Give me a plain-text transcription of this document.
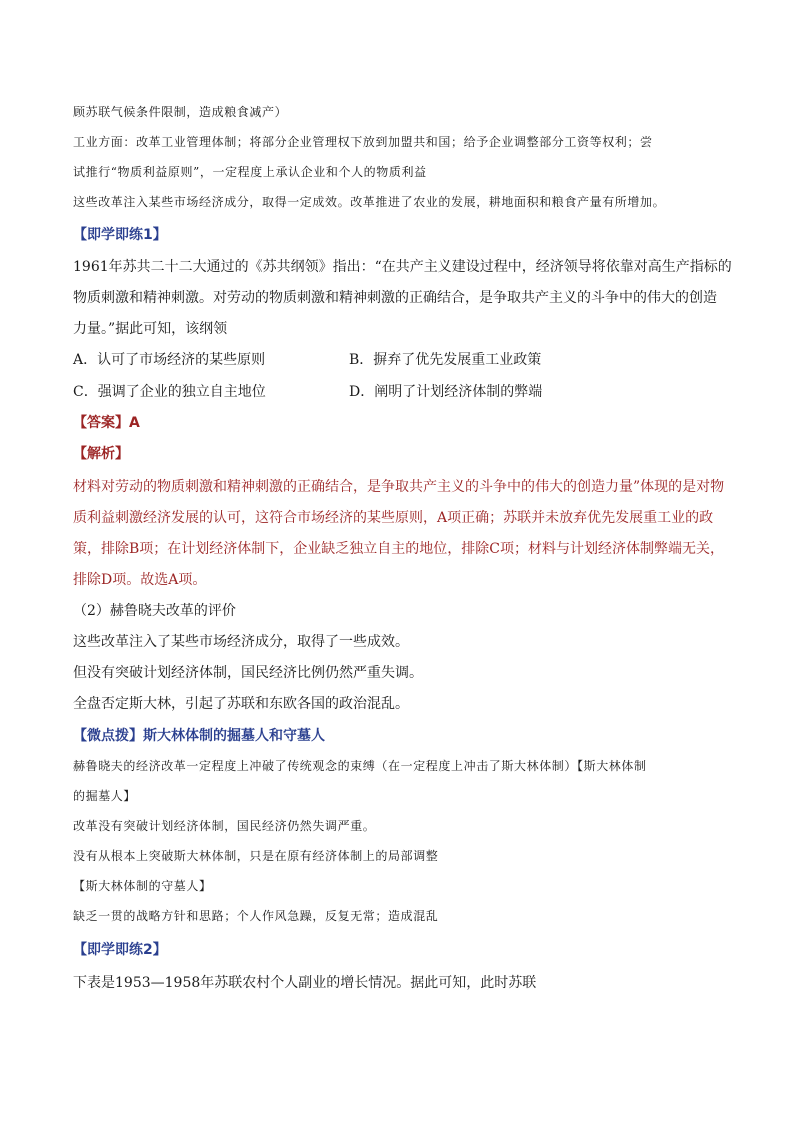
顾苏联气候条件限制，造成粮食减产）
工业方面：改革工业管理体制；将部分企业管理权下放到加盟共和国；给予企业调整部分工资等权利；尝
试推行“物质利益原则”，一定程度上承认企业和个人的物质利益
这些改革注入某些市场经济成分，取得一定成效。改革推进了农业的发展，耕地面积和粮食产量有所增加。
【即学即练1】
1961年苏共二十二大通过的《苏共纲领》指出：“在共产主义建设过程中，经济领导将依靠对高生产指标的
物质刺激和精神刺激。对劳动的物质刺激和精神刺激的正确结合，是争取共产主义的斗争中的伟大的创造
力量。”据此可知，该纲领
A．认可了市场经济的某些原则	B．摒弃了优先发展重工业政策
C．强调了企业的独立自主地位	D．阐明了计划经济体制的弊端
【答案】A
【解析】
材料对劳动的物质刺激和精神刺激的正确结合，是争取共产主义的斗争中的伟大的创造力量”体现的是对物
质利益刺激经济发展的认可，这符合市场经济的某些原则，A项正确；苏联并未放弃优先发展重工业的政
策，排除B项；在计划经济体制下，企业缺乏独立自主的地位，排除C项；材料与计划经济体制弊端无关，
排除D项。故选A项。
（2）赫鲁晓夫改革的评价
这些改革注入了某些市场经济成分，取得了一些成效。
但没有突破计划经济体制，国民经济比例仍然严重失调。
全盘否定斯大林，引起了苏联和东欧各国的政治混乱。
【微点拨】斯大林体制的掘墓人和守墓人
赫鲁晓夫的经济改革一定程度上冲破了传统观念的束缚（在一定程度上冲击了斯大林体制）【斯大林体制
的掘墓人】
改革没有突破计划经济体制，国民经济仍然失调严重。
没有从根本上突破斯大林体制，只是在原有经济体制上的局部调整
【斯大林体制的守墓人】
缺乏一贯的战略方针和思路；个人作风急躁，反复无常；造成混乱
【即学即练2】
下表是1953—1958年苏联农村个人副业的增长情况。据此可知，此时苏联
